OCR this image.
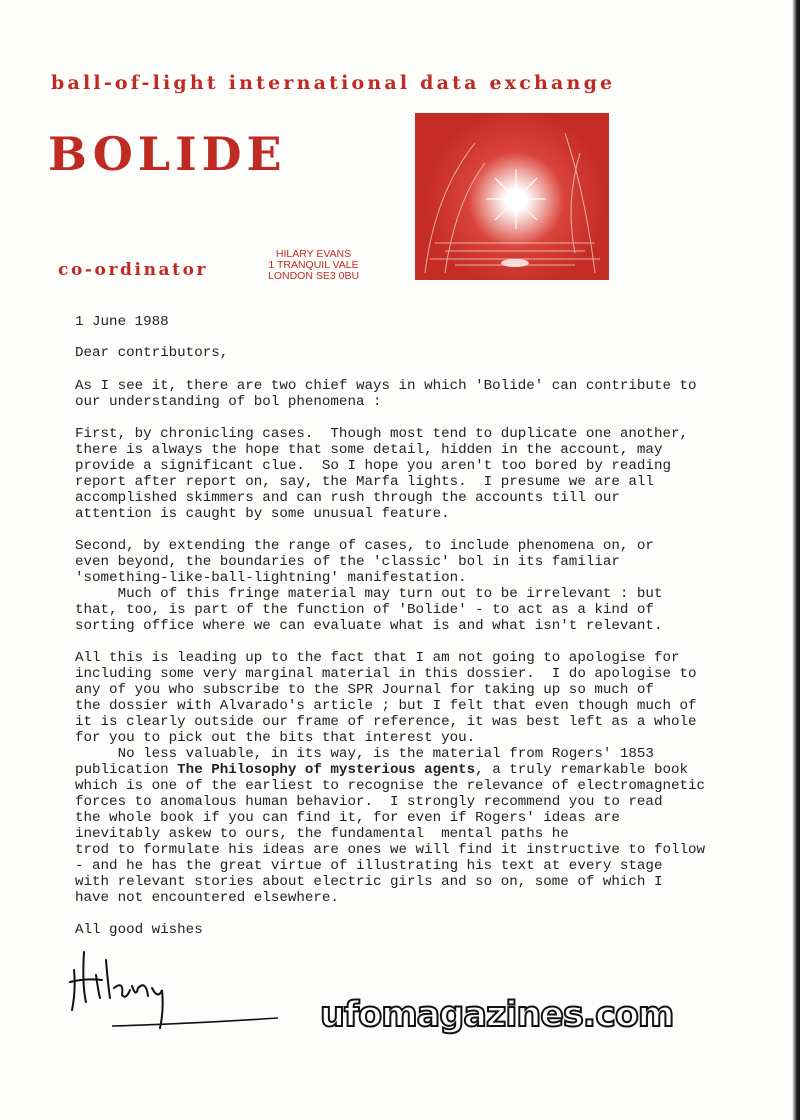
ball-of-light international data exchange
BOLIDE
co-ordinator
HILARY EVANS
1 TRANQUIL VALE
LONDON SE3 0BU
1 June 1988
Dear contributors,
As I see it, there are two chief ways in which 'Bolide' can contribute to
our understanding of bol phenomena :
First, by chronicling cases.  Though most tend to duplicate one another,
there is always the hope that some detail, hidden in the account, may
provide a significant clue.  So I hope you aren't too bored by reading
report after report on, say, the Marfa lights.  I presume we are all
accomplished skimmers and can rush through the accounts till our
attention is caught by some unusual feature.
Second, by extending the range of cases, to include phenomena on, or
even beyond, the boundaries of the 'classic' bol in its familiar
'something-like-ball-lightning' manifestation.
Much of this fringe material may turn out to be irrelevant : but
that, too, is part of the function of 'Bolide' - to act as a kind of
sorting office where we can evaluate what is and what isn't relevant.
All this is leading up to the fact that I am not going to apologise for
including some very marginal material in this dossier.  I do apologise to
any of you who subscribe to the SPR Journal for taking up so much of
the dossier with Alvarado's article ; but I felt that even though much of
it is clearly outside our frame of reference, it was best left as a whole
for you to pick out the bits that interest you.
No less valuable, in its way, is the material from Rogers' 1853
publication The Philosophy of mysterious agents, a truly remarkable book
which is one of the earliest to recognise the relevance of electromagnetic
forces to anomalous human behavior.  I strongly recommend you to read
the whole book if you can find it, for even if Rogers' ideas are
inevitably askew to ours, the fundamental  mental paths he
trod to formulate his ideas are ones we will find it instructive to follow
- and he has the great virtue of illustrating his text at every stage
with relevant stories about electric girls and so on, some of which I
have not encountered elsewhere.
All good wishes
ufomagazines.com
